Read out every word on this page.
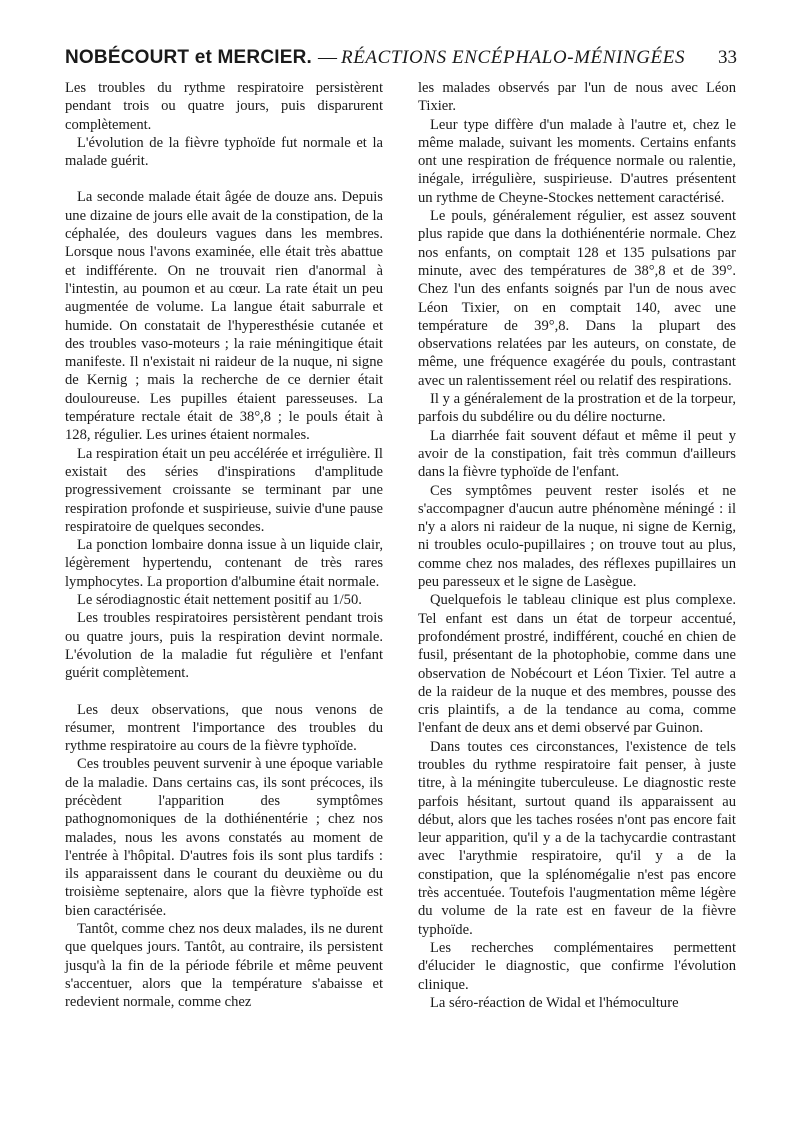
NOBÉCOURT et MERCIER. — RÉACTIONS ENCÉPHALO-MÉNINGÉES 33

Les troubles du rythme respiratoire persistèrent pendant trois ou quatre jours, puis disparurent complètement.

L'évolution de la fièvre typhoïde fut normale et la malade guérit.

La seconde malade était âgée de douze ans. Depuis une dizaine de jours elle avait de la constipation, de la céphalée, des douleurs vagues dans les membres. Lorsque nous l'avons examinée, elle était très abattue et indifférente. On ne trouvait rien d'anormal à l'intestin, au poumon et au cœur. La rate était un peu augmentée de volume. La langue était saburrale et humide. On constatait de l'hyperesthésie cutanée et des troubles vaso-moteurs ; la raie méningitique était manifeste. Il n'existait ni raideur de la nuque, ni signe de Kernig ; mais la recherche de ce dernier était douloureuse. Les pupilles étaient paresseuses. La température rectale était de 38°,8 ; le pouls était à 128, régulier. Les urines étaient normales.

La respiration était un peu accélérée et irrégulière. Il existait des séries d'inspirations d'amplitude progressivement croissante se terminant par une respiration profonde et suspirieuse, suivie d'une pause respiratoire de quelques secondes.

La ponction lombaire donna issue à un liquide clair, légèrement hypertendu, contenant de très rares lymphocytes. La proportion d'albumine était normale.

Le sérodiagnostic était nettement positif au 1/50.

Les troubles respiratoires persistèrent pendant trois ou quatre jours, puis la respiration devint normale. L'évolution de la maladie fut régulière et l'enfant guérit complètement.

Les deux observations, que nous venons de résumer, montrent l'importance des troubles du rythme respiratoire au cours de la fièvre typhoïde.

Ces troubles peuvent survenir à une époque variable de la maladie. Dans certains cas, ils sont précoces, ils précèdent l'apparition des symptômes pathognomoniques de la dothiénentérie ; chez nos malades, nous les avons constatés au moment de l'entrée à l'hôpital. D'autres fois ils sont plus tardifs : ils apparaissent dans le courant du deuxième ou du troisième septenaire, alors que la fièvre typhoïde est bien caractérisée.

Tantôt, comme chez nos deux malades, ils ne durent que quelques jours. Tantôt, au contraire, ils persistent jusqu'à la fin de la période fébrile et même peuvent s'accentuer, alors que la température s'abaisse et redevient normale, comme chez

les malades observés par l'un de nous avec Léon Tixier.

Leur type diffère d'un malade à l'autre et, chez le même malade, suivant les moments. Certains enfants ont une respiration de fréquence normale ou ralentie, inégale, irrégulière, suspirieuse. D'autres présentent un rythme de Cheyne-Stockes nettement caractérisé.

Le pouls, généralement régulier, est assez souvent plus rapide que dans la dothiénentérie normale. Chez nos enfants, on comptait 128 et 135 pulsations par minute, avec des températures de 38°,8 et de 39°. Chez l'un des enfants soignés par l'un de nous avec Léon Tixier, on en comptait 140, avec une température de 39°,8. Dans la plupart des observations relatées par les auteurs, on constate, de même, une fréquence exagérée du pouls, contrastant avec un ralentissement réel ou relatif des respirations.

Il y a généralement de la prostration et de la torpeur, parfois du subdélire ou du délire nocturne.

La diarrhée fait souvent défaut et même il peut y avoir de la constipation, fait très commun d'ailleurs dans la fièvre typhoïde de l'enfant.

Ces symptômes peuvent rester isolés et ne s'accompagner d'aucun autre phénomène méningé : il n'y a alors ni raideur de la nuque, ni signe de Kernig, ni troubles oculo-pupillaires ; on trouve tout au plus, comme chez nos malades, des réflexes pupillaires un peu paresseux et le signe de Lasègue.

Quelquefois le tableau clinique est plus complexe. Tel enfant est dans un état de torpeur accentué, profondément prostré, indifférent, couché en chien de fusil, présentant de la photophobie, comme dans une observation de Nobécourt et Léon Tixier. Tel autre a de la raideur de la nuque et des membres, pousse des cris plaintifs, a de la tendance au coma, comme l'enfant de deux ans et demi observé par Guinon.

Dans toutes ces circonstances, l'existence de tels troubles du rythme respiratoire fait penser, à juste titre, à la méningite tuberculeuse. Le diagnostic reste parfois hésitant, surtout quand ils apparaissent au début, alors que les taches rosées n'ont pas encore fait leur apparition, qu'il y a de la tachycardie contrastant avec l'arythmie respiratoire, qu'il y a de la constipation, que la splénomégalie n'est pas encore très accentuée. Toutefois l'augmentation même légère du volume de la rate est en faveur de la fièvre typhoïde.

Les recherches complémentaires permettent d'élucider le diagnostic, que confirme l'évolution clinique.

La séro-réaction de Widal et l'hémoculture
